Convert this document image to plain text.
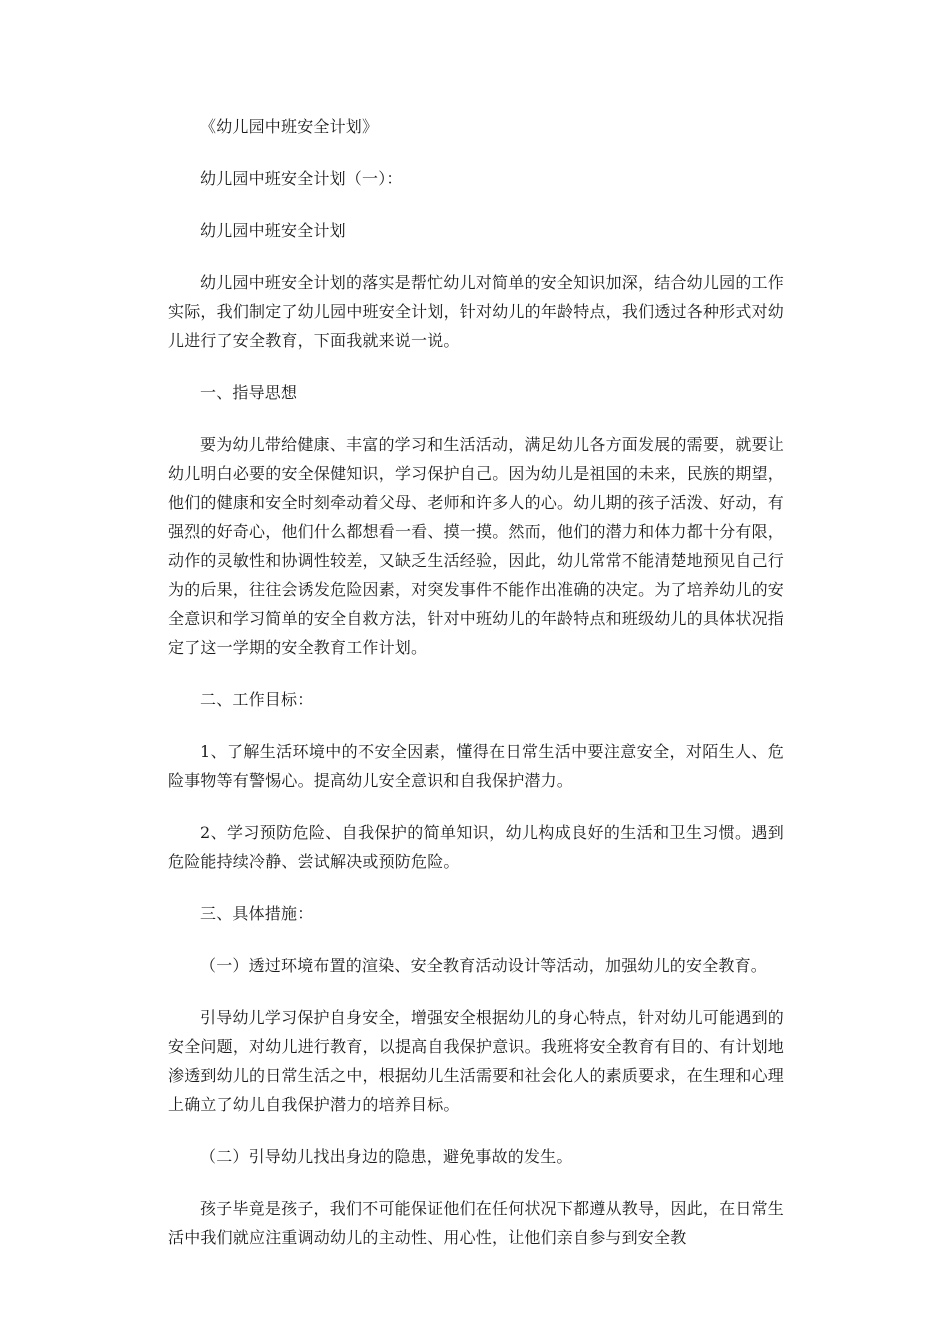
《幼儿园中班安全计划》

幼儿园中班安全计划（一）：

幼儿园中班安全计划

幼儿园中班安全计划的落实是帮忙幼儿对简单的安全知识加深，结合幼儿园的工作实际，我们制定了幼儿园中班安全计划，针对幼儿的年龄特点，我们透过各种形式对幼儿进行了安全教育，下面我就来说一说。

一、指导思想

要为幼儿带给健康、丰富的学习和生活活动，满足幼儿各方面发展的需要，就要让幼儿明白必要的安全保健知识，学习保护自己。因为幼儿是祖国的未来，民族的期望，他们的健康和安全时刻牵动着父母、老师和许多人的心。幼儿期的孩子活泼、好动，有强烈的好奇心，他们什么都想看一看、摸一摸。然而，他们的潜力和体力都十分有限，动作的灵敏性和协调性较差，又缺乏生活经验，因此，幼儿常常不能清楚地预见自己行为的后果，往往会诱发危险因素，对突发事件不能作出准确的决定。为了培养幼儿的安全意识和学习简单的安全自救方法，针对中班幼儿的年龄特点和班级幼儿的具体状况指定了这一学期的安全教育工作计划。

二、工作目标：

1、了解生活环境中的不安全因素，懂得在日常生活中要注意安全，对陌生人、危险事物等有警惕心。提高幼儿安全意识和自我保护潜力。

2、学习预防危险、自我保护的简单知识，幼儿构成良好的生活和卫生习惯。遇到危险能持续冷静、尝试解决或预防危险。

三、具体措施：

（一）透过环境布置的渲染、安全教育活动设计等活动，加强幼儿的安全教育。

引导幼儿学习保护自身安全，增强安全根据幼儿的身心特点，针对幼儿可能遇到的安全问题，对幼儿进行教育，以提高自我保护意识。我班将安全教育有目的、有计划地渗透到幼儿的日常生活之中，根据幼儿生活需要和社会化人的素质要求，在生理和心理上确立了幼儿自我保护潜力的培养目标。

（二）引导幼儿找出身边的隐患，避免事故的发生。

孩子毕竟是孩子，我们不可能保证他们在任何状况下都遵从教导，因此，在日常生活中我们就应注重调动幼儿的主动性、用心性，让他们亲自参与到安全教
